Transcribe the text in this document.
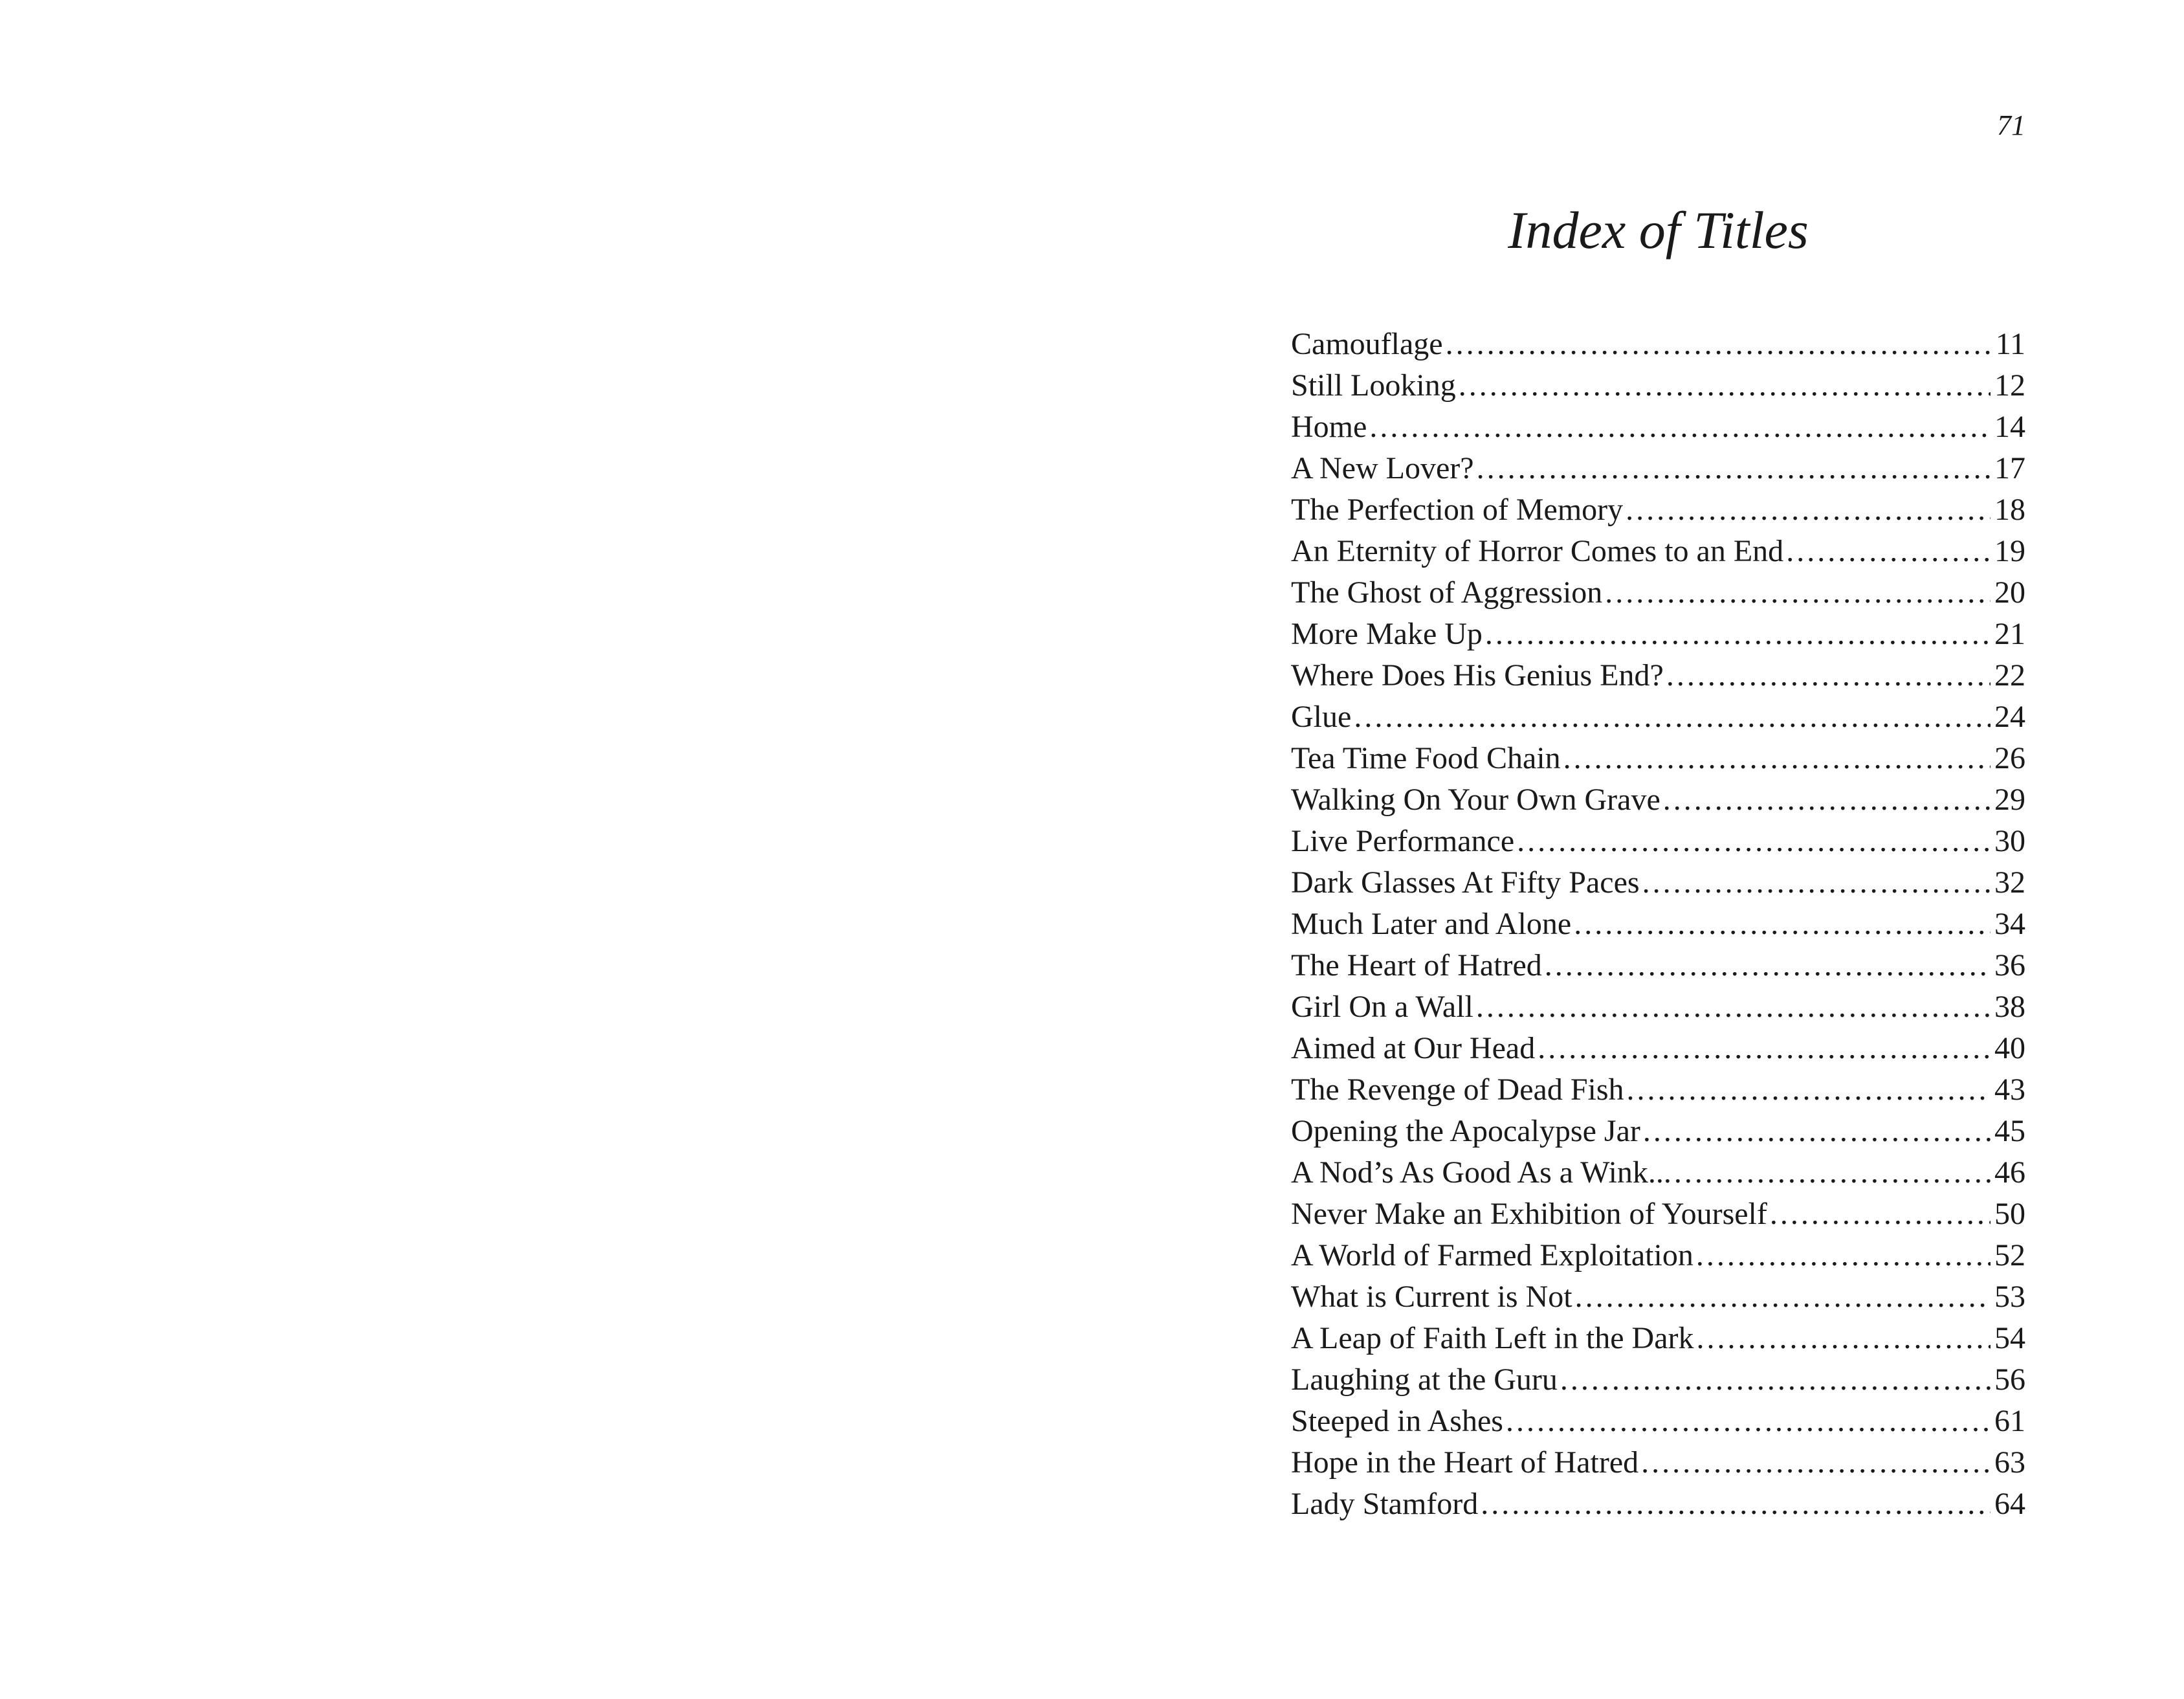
71
Index of Titles
Camouflage .....	11
Still Looking .....	12
Home .....	14
A New Lover? .....	17
The Perfection of Memory .....	18
An Eternity of Horror Comes to an End .....	19
The Ghost of Aggression .....	20
More Make Up .....	21
Where Does His Genius End? .....	22
Glue .....	24
Tea Time Food Chain .....	26
Walking On Your Own Grave .....	29
Live Performance .....	30
Dark Glasses At Fifty Paces .....	32
Much Later and Alone .....	34
The Heart of Hatred .....	36
Girl On a Wall .....	38
Aimed at Our Head .....	40
The Revenge of Dead Fish .....	43
Opening the Apocalypse Jar .....	45
A Nod’s As Good As a Wink... .....	46
Never Make an Exhibition of Yourself .....	50
A World of Farmed Exploitation .....	52
What is Current is Not .....	53
A Leap of Faith Left in the Dark .....	54
Laughing at the Guru .....	56
Steeped in Ashes .....	61
Hope in the Heart of Hatred .....	63
Lady Stamford .....	64
